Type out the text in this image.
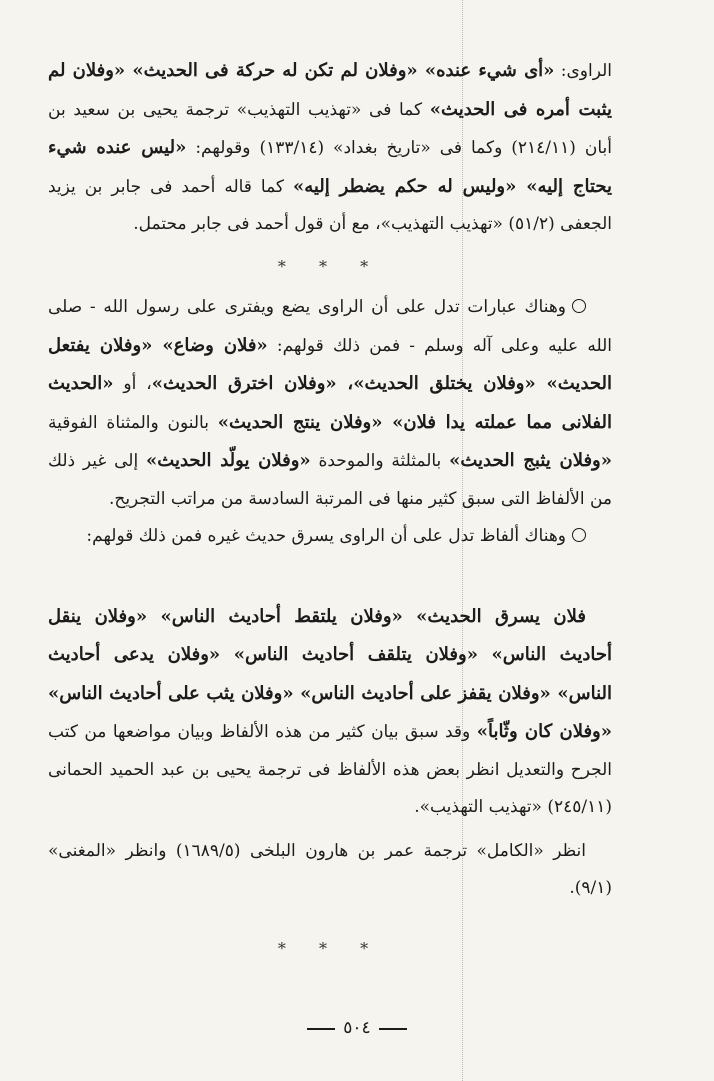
الراوى: «أى شيء عنده» «وفلان لم تكن له حركة فى الحديث» «وفلان لم يثبت أمره فى الحديث» كما فى «تهذيب التهذيب» ترجمة يحيى بن سعيد بن أبان (٢١٤/١١) وكما فى «تاريخ بغداد» (١٣٣/١٤) وقولهم: «ليس عنده شيء يحتاج إليه» «وليس له حكم يضطر إليه» كما قاله أحمد فى جابر بن يزيد الجعفى (٥١/٢) «تهذيب التهذيب»، مع أن قول أحمد فى جابر محتمل.

* * *

وهناك عبارات تدل على أن الراوى يضع ويفترى على رسول الله - صلى الله عليه وعلى آله وسلم - فمن ذلك قولهم: «فلان وضاع» «وفلان يفتعل الحديث» «وفلان يختلق الحديث»، «وفلان اخترق الحديث»، أو «الحديث الفلانى مما عملته يدا فلان» «وفلان ينتج الحديث» بالنون والمثناة الفوقية «وفلان يثبج الحديث» بالمثلثة والموحدة «وفلان يولّد الحديث» إلى غير ذلك من الألفاظ التى سبق كثير منها فى المرتبة السادسة من مراتب التجريح.

وهناك ألفاظ تدل على أن الراوى يسرق حديث غيره فمن ذلك قولهم:

فلان يسرق الحديث» «وفلان يلتقط أحاديث الناس» «وفلان ينقل أحاديث الناس» «وفلان يتلقف أحاديث الناس» «وفلان يدعى أحاديث الناس» «وفلان يقفز على أحاديث الناس» «وفلان يثب على أحاديث الناس» «وفلان كان وثّاباً» وقد سبق بيان كثير من هذه الألفاظ وبيان مواضعها من كتب الجرح والتعديل انظر بعض هذه الألفاظ فى ترجمة يحيى بن عبد الحميد الحمانى (٢٤٥/١١) «تهذيب التهذيب».

انظر «الكامل» ترجمة عمر بن هارون البلخى (١٦٨٩/٥) وانظر «المغنى» (٩/١).

* * *
٥٠٤
